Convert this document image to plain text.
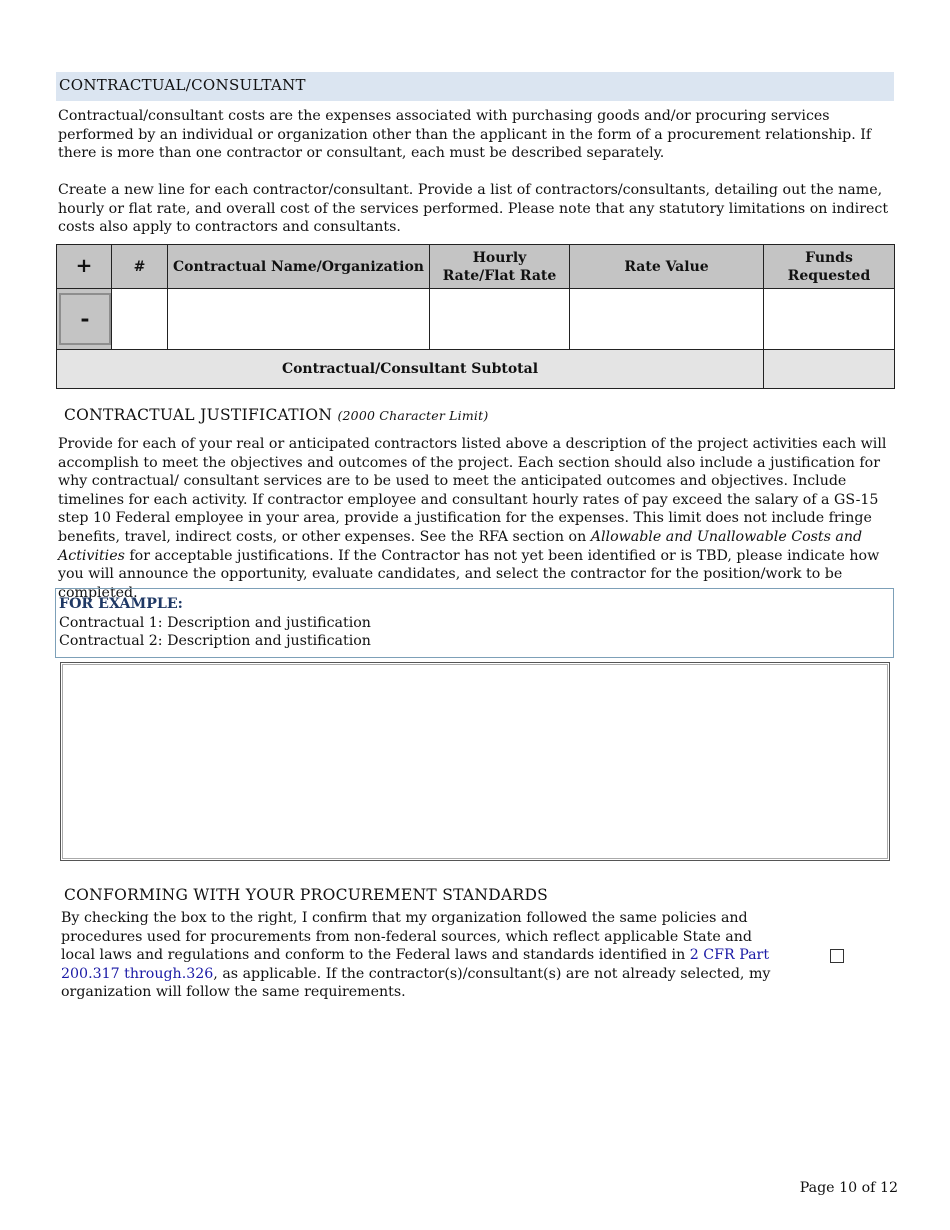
CONTRACTUAL/CONSULTANT

Contractual/consultant costs are the expenses associated with purchasing goods and/or procuring services performed by an individual or organization other than the applicant in the form of a procurement relationship. If there is more than one contractor or consultant, each must be described separately.

Create a new line for each contractor/consultant. Provide a list of contractors/consultants, detailing out the name, hourly or flat rate, and overall cost of the services performed. Please note that any statutory limitations on indirect costs also apply to contractors and consultants.

+	#	Contractual Name/Organization	Hourly Rate/Flat Rate	Rate Value	Funds Requested

-					

Contractual/Consultant Subtotal					
CONTRACTUAL JUSTIFICATION (2000 Character Limit)

Provide for each of your real or anticipated contractors listed above a description of the project activities each will accomplish to meet the objectives and outcomes of the project. Each section should also include a justification for why contractual/ consultant services are to be used to meet the anticipated outcomes and objectives. Include timelines for each activity. If contractor employee and consultant hourly rates of pay exceed the salary of a GS-15 step 10 Federal employee in your area, provide a justification for the expenses. This limit does not include fringe benefits, travel, indirect costs, or other expenses. See the RFA section on Allowable and Unallowable Costs and Activities for acceptable justifications. If the Contractor has not yet been identified or is TBD, please indicate how you will announce the opportunity, evaluate candidates, and select the contractor for the position/work to be completed.

FOR EXAMPLE:
Contractual 1: Description and justification
Contractual 2: Description and justification
CONFORMING WITH YOUR PROCUREMENT STANDARDS

By checking the box to the right, I confirm that my organization followed the same policies and procedures used for procurements from non-federal sources, which reflect applicable State and local laws and regulations and conform to the Federal laws and standards identified in 2 CFR Part 200.317 through.326, as applicable. If the contractor(s)/consultant(s) are not already selected, my organization will follow the same requirements.

Page 10 of 12
